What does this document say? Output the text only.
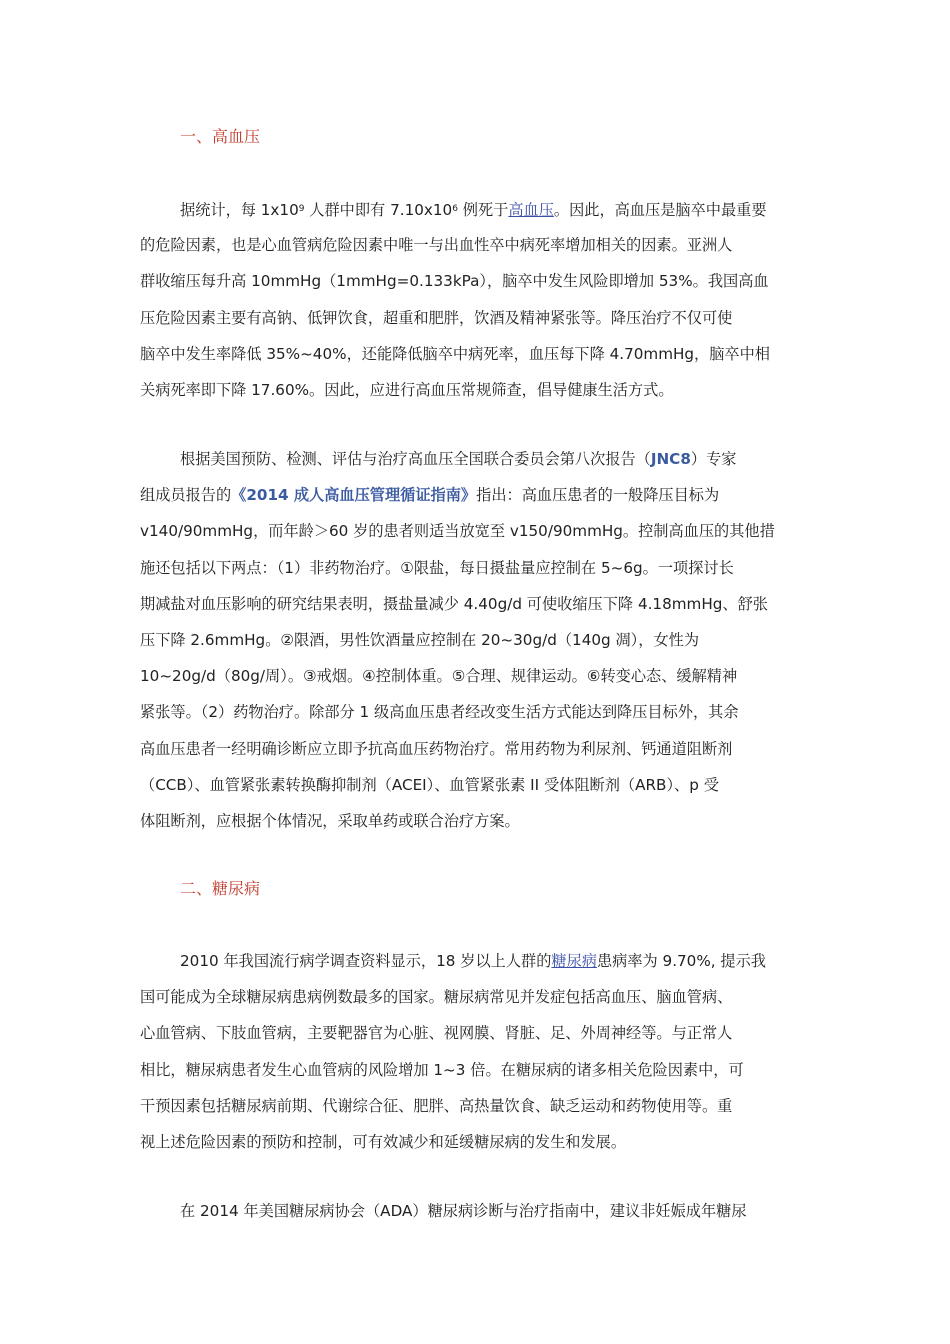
一、高血压
据统计，每 $1x10^9$ 人群中即有 $7.10x10^6$ 例死于高血压。因此，高血压是脑卒中最重要
的危险因素，也是心血管病危险因素中唯一与出血性卒中病死率增加相关的因素。亚洲人
群收缩压每升高 10mmHg（1mmHg=0.133kPa），脑卒中发生风险即增加 53%。我国高血
压危险因素主要有高钠、低钾饮食，超重和肥胖，饮酒及精神紧张等。降压治疗不仅可使
脑卒中发生率降低 35%~40%，还能降低脑卒中病死率，血压每下降 4.70mmHg，脑卒中相
关病死率即下降 17.60%。因此，应进行高血压常规筛查，倡导健康生活方式。
根据美国预防、检测、评估与治疗高血压全国联合委员会第八次报告（JNC8）专家
组成员报告的《2014 成人高血压管理循证指南》指出：高血压患者的一般降压目标为
v140/90mmHg，而年龄＞60 岁的患者则适当放宽至 v150/90mmHg。控制高血压的其他措
施还包括以下两点：（1）非药物治疗。①限盐，每日摄盐量应控制在 5~6g。一项探讨长
期减盐对血压影响的研究结果表明，摄盐量减少 4.40g/d 可使收缩压下降 4.18mmHg、舒张
压下降 2.6mmHg。②限酒，男性饮酒量应控制在 20~30g/d（140g 凋），女性为
10~20g/d（80g/周）。③戒烟。④控制体重。⑤合理、规律运动。⑥转变心态、缓解精神
紧张等。（2）药物治疗。除部分 1 级高血压患者经改变生活方式能达到降压目标外，其余
高血压患者一经明确诊断应立即予抗高血压药物治疗。常用药物为利尿剂、钙通道阻断剂
（CCB）、血管紧张素转换酶抑制剂（ACEI）、血管紧张素 II 受体阻断剂（ARB）、p 受
体阻断剂，应根据个体情况，采取单药或联合治疗方案。
二、糖尿病
2010 年我国流行病学调查资料显示，18 岁以上人群的糖尿病患病率为 9.70%, 提示我
国可能成为全球糖尿病患病例数最多的国家。糖尿病常见并发症包括高血压、脑血管病、
心血管病、下肢血管病，主要靶器官为心脏、视网膜、肾脏、足、外周神经等。与正常人
相比，糖尿病患者发生心血管病的风险增加 1~3 倍。在糖尿病的诸多相关危险因素中，可
干预因素包括糖尿病前期、代谢综合征、肥胖、高热量饮食、缺乏运动和药物使用等。重
视上述危险因素的预防和控制，可有效减少和延缓糖尿病的发生和发展。
在 2014 年美国糖尿病协会（ADA）糖尿病诊断与治疗指南中，建议非妊娠成年糖尿
